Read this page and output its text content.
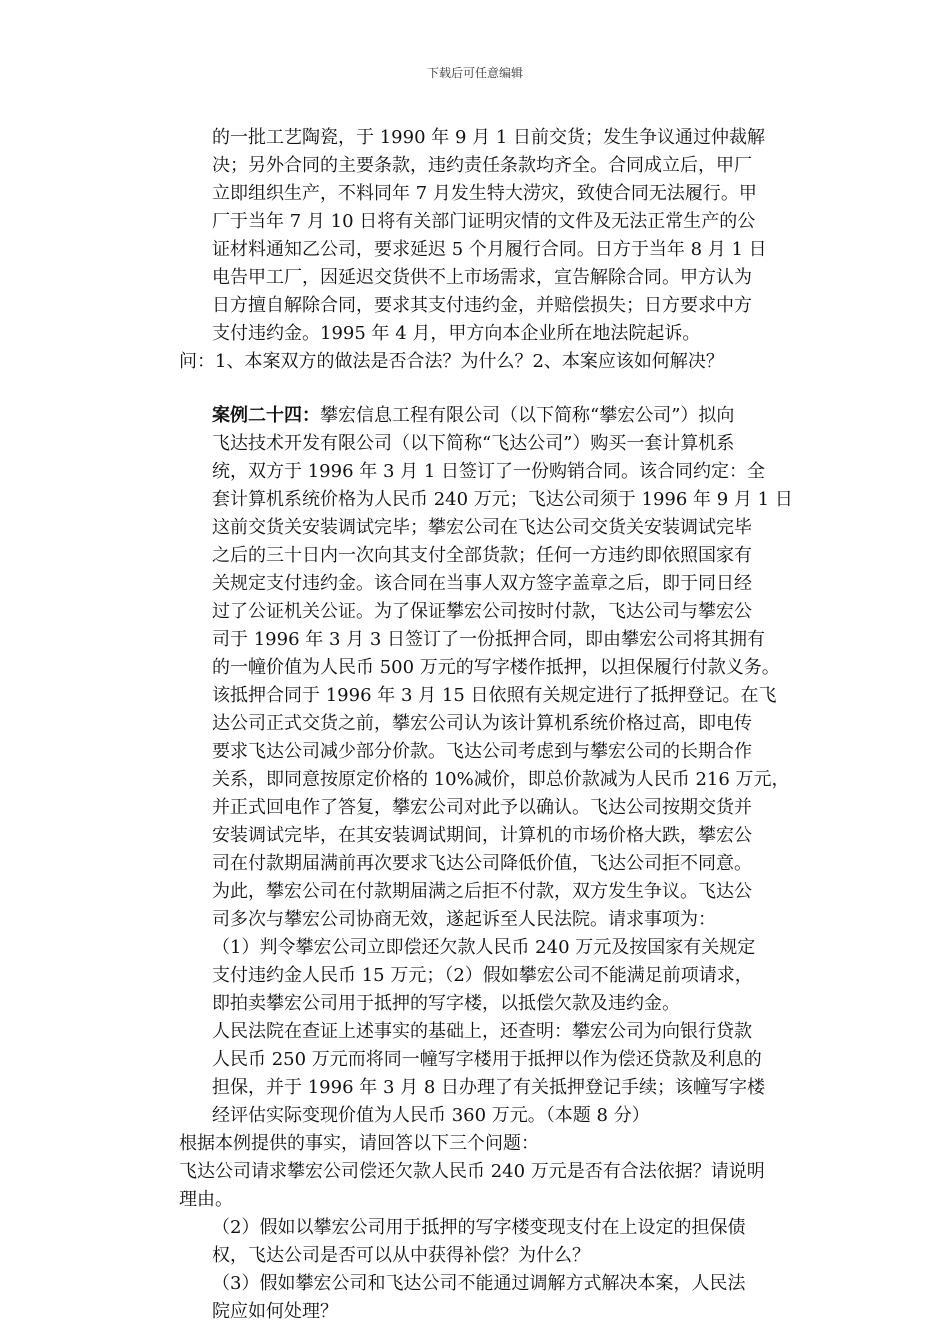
下载后可任意编辑
的一批工艺陶瓷，于 1990 年 9 月 1 日前交货；发生争议通过仲裁解
决；另外合同的主要条款，违约责任条款均齐全。合同成立后，甲厂
立即组织生产，不料同年 7 月发生特大涝灾，致使合同无法履行。甲
厂于当年 7 月 10 日将有关部门证明灾情的文件及无法正常生产的公
证材料通知乙公司，要求延迟 5 个月履行合同。日方于当年 8 月 1 日
电告甲工厂，因延迟交货供不上市场需求，宣告解除合同。甲方认为
日方擅自解除合同，要求其支付违约金，并赔偿损失；日方要求中方
支付违约金。1995 年 4 月，甲方向本企业所在地法院起诉。
问：1、本案双方的做法是否合法？为什么？2、本案应该如何解决？
案例二十四：攀宏信息工程有限公司（以下简称“攀宏公司”）拟向
飞达技术开发有限公司（以下简称“飞达公司”）购买一套计算机系
统，双方于 1996 年 3 月 1 日签订了一份购销合同。该合同约定：全
套计算机系统价格为人民币 240 万元；飞达公司须于 1996 年 9 月 1 日
这前交货关安装调试完毕；攀宏公司在飞达公司交货关安装调试完毕
之后的三十日内一次向其支付全部货款；任何一方违约即依照国家有
关规定支付违约金。该合同在当事人双方签字盖章之后，即于同日经
过了公证机关公证。为了保证攀宏公司按时付款，飞达公司与攀宏公
司于 1996 年 3 月 3 日签订了一份抵押合同，即由攀宏公司将其拥有
的一幢价值为人民币 500 万元的写字楼作抵押，以担保履行付款义务。
该抵押合同于 1996 年 3 月 15 日依照有关规定进行了抵押登记。在飞
达公司正式交货之前，攀宏公司认为该计算机系统价格过高，即电传
要求飞达公司减少部分价款。飞达公司考虑到与攀宏公司的长期合作
关系，即同意按原定价格的 10%减价，即总价款减为人民币 216 万元，
并正式回电作了答复，攀宏公司对此予以确认。飞达公司按期交货并
安装调试完毕，在其安装调试期间，计算机的市场价格大跌，攀宏公
司在付款期届满前再次要求飞达公司降低价值，飞达公司拒不同意。
为此，攀宏公司在付款期届满之后拒不付款，双方发生争议。飞达公
司多次与攀宏公司协商无效，遂起诉至人民法院。请求事项为：
（1）判令攀宏公司立即偿还欠款人民币 240 万元及按国家有关规定
支付违约金人民币 15 万元；（2）假如攀宏公司不能满足前项请求，
即拍卖攀宏公司用于抵押的写字楼，以抵偿欠款及违约金。
人民法院在查证上述事实的基础上，还查明：攀宏公司为向银行贷款
人民币 250 万元而将同一幢写字楼用于抵押以作为偿还贷款及利息的
担保，并于 1996 年 3 月 8 日办理了有关抵押登记手续；该幢写字楼
经评估实际变现价值为人民币 360 万元。（本题 8 分）
根据本例提供的事实，请回答以下三个问题：
飞达公司请求攀宏公司偿还欠款人民币 240 万元是否有合法依据？请说明
理由。
（2）假如以攀宏公司用于抵押的写字楼变现支付在上设定的担保债
权，飞达公司是否可以从中获得补偿？为什么？
（3）假如攀宏公司和飞达公司不能通过调解方式解决本案，人民法
院应如何处理？
